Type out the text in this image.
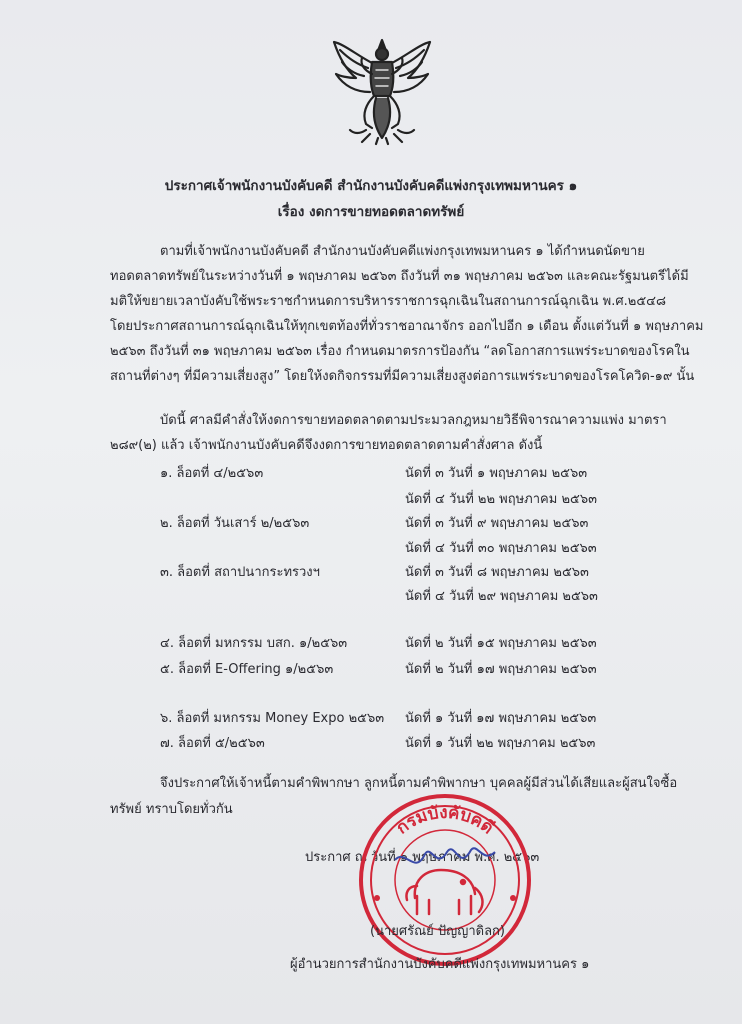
ประกาศเจ้าพนักงานบังคับคดี สำนักงานบังคับคดีแพ่งกรุงเทพมหานคร ๑
เรื่อง งดการขายทอดตลาดทรัพย์
ตามที่เจ้าพนักงานบังคับคดี สำนักงานบังคับคดีแพ่งกรุงเทพมหานคร ๑ ได้กำหนดนัดขาย
ทอดตลาดทรัพย์ในระหว่างวันที่ ๑ พฤษภาคม ๒๕๖๓ ถึงวันที่ ๓๑ พฤษภาคม ๒๕๖๓ และคณะรัฐมนตรีได้มี
มติให้ขยายเวลาบังคับใช้พระราชกำหนดการบริหารราชการฉุกเฉินในสถานการณ์ฉุกเฉิน พ.ศ.๒๕๔๘
โดยประกาศสถานการณ์ฉุกเฉินให้ทุกเขตท้องที่ทั่วราชอาณาจักร ออกไปอีก ๑ เดือน ตั้งแต่วันที่ ๑ พฤษภาคม
๒๕๖๓ ถึงวันที่ ๓๑ พฤษภาคม ๒๕๖๓ เรื่อง กำหนดมาตรการป้องกัน “ลดโอกาสการแพร่ระบาดของโรคใน
สถานที่ต่างๆ ที่มีความเสี่ยงสูง” โดยให้งดกิจกรรมที่มีความเสี่ยงสูงต่อการแพร่ระบาดของโรคโควิด-๑๙ นั้น
บัดนี้ ศาลมีคำสั่งให้งดการขายทอดตลาดตามประมวลกฎหมายวิธีพิจารณาความแพ่ง มาตรา
๒๘๙(๒) แล้ว เจ้าพนักงานบังคับคดีจึงงดการขายทอดตลาดตามคำสั่งศาล ดังนี้
๑. ล็อตที่ ๔/๒๕๖๓	นัดที่ ๓ วันที่ ๑ พฤษภาคม ๒๕๖๓
นัดที่ ๔ วันที่ ๒๒ พฤษภาคม ๒๕๖๓
๒. ล็อตที่ วันเสาร์ ๒/๒๕๖๓	นัดที่ ๓ วันที่ ๙ พฤษภาคม ๒๕๖๓
นัดที่ ๔ วันที่ ๓๐ พฤษภาคม ๒๕๖๓
๓. ล็อตที่ สถาปนากระทรวงฯ	นัดที่ ๓ วันที่ ๘ พฤษภาคม ๒๕๖๓
นัดที่ ๔ วันที่ ๒๙ พฤษภาคม ๒๕๖๓
๔. ล็อตที่ มหกรรม บสก. ๑/๒๕๖๓	นัดที่ ๒ วันที่ ๑๕ พฤษภาคม ๒๕๖๓
๕. ล็อตที่ E-Offering ๑/๒๕๖๓	นัดที่ ๒ วันที่ ๑๗ พฤษภาคม ๒๕๖๓
๖. ล็อตที่ มหกรรม Money Expo ๒๕๖๓ นัดที่ ๑ วันที่ ๑๗ พฤษภาคม ๒๕๖๓
๗. ล็อตที่ ๕/๒๕๖๓	นัดที่ ๑ วันที่ ๒๒ พฤษภาคม ๒๕๖๓
จึงประกาศให้เจ้าหนี้ตามคำพิพากษา ลูกหนี้ตามคำพิพากษา บุคคลผู้มีส่วนได้เสียและผู้สนใจซื้อ
ทรัพย์ ทราบโดยทั่วกัน
ประกาศ ณ วันที่ ๑ พฤษภาคม พ.ศ. ๒๕๖๓
กรมบังคับคดี
(นายศรัณย์ ปัญญาดิลก)
ผู้อำนวยการสำนักงานบังคับคดีแพ่งกรุงเทพมหานคร ๑
